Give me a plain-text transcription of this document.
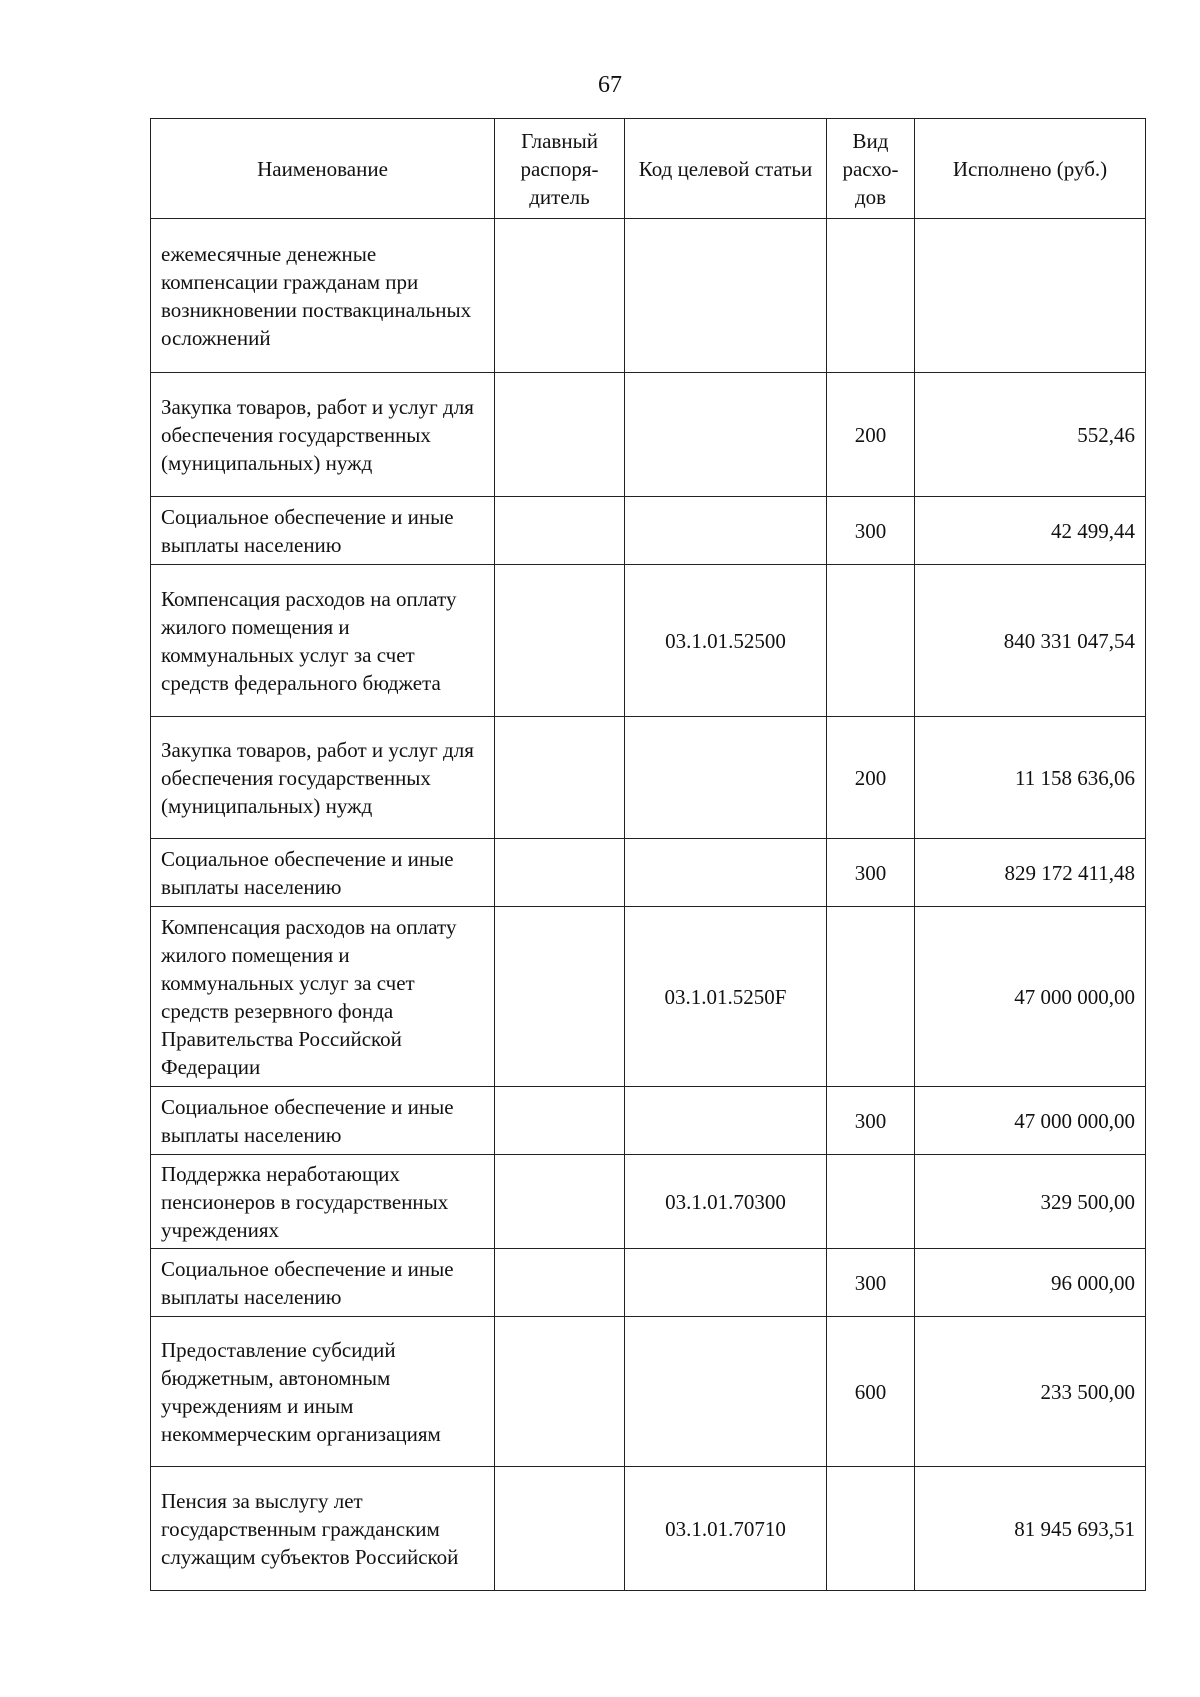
67
Наименование	Главный распоря-дитель	Код целевой статьи	Вид расхо-дов	Исполнено (руб.)
ежемесячные денежные компенсации гражданам при возникновении поствакцинальных осложнений				
Закупка товаров, работ и услуг для обеспечения государственных (муниципальных) нужд			200	552,46
Социальное обеспечение и иные выплаты населению			300	42 499,44
Компенсация расходов на оплату жилого помещения и коммунальных услуг за счет средств федерального бюджета		03.1.01.52500		840 331 047,54
Закупка товаров, работ и услуг для обеспечения государственных (муниципальных) нужд			200	11 158 636,06
Социальное обеспечение и иные выплаты населению			300	829 172 411,48
Компенсация расходов на оплату жилого помещения и коммунальных услуг за счет средств резервного фонда Правительства Российской Федерации		03.1.01.5250F		47 000 000,00
Социальное обеспечение и иные выплаты населению			300	47 000 000,00
Поддержка неработающих пенсионеров в государственных учреждениях		03.1.01.70300		329 500,00
Социальное обеспечение и иные выплаты населению			300	96 000,00
Предоставление субсидий бюджетным, автономным учреждениям и иным некоммерческим организациям			600	233 500,00
Пенсия за выслугу лет государственным гражданским служащим субъектов Российской		03.1.01.70710		81 945 693,51
